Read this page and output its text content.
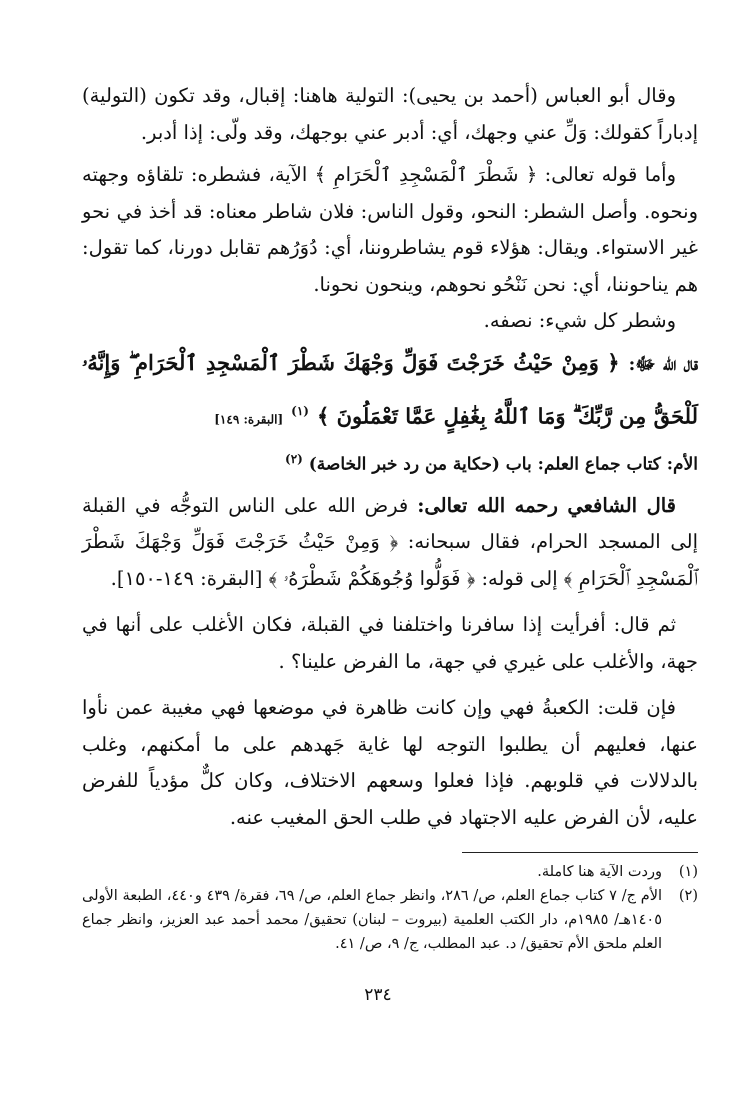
وقال أبو العباس (أحمد بن يحيى): التولية هاهنا: إقبال، وقد تكون (التولية) إدباراً كقولك: وَلِّ عني وجهك، أي: أدبر عني بوجهك، وقد ولّى: إذا أدبر.

وأما قوله تعالى: ﴿ شَطْرَ ٱلْمَسْجِدِ ٱلْحَرَامِ ﴾ الآية، فشطره: تلقاؤه وجهته ونحوه. وأصل الشطر: النحو، وقول الناس: فلان شاطر معناه: قد أخذ في نحو غير الاستواء. ويقال: هؤلاء قوم يشاطروننا، أي: دُوَرُهم تقابل دورنا، كما تقول: هم يناحوننا، أي: نحن نَنْحُو نحوهم، وينحون نحونا.

وشطر كل شيء: نصفه.

قال الله ﷻ: ﴿ وَمِنْ حَيْثُ خَرَجْتَ فَوَلِّ وَجْهَكَ شَطْرَ ٱلْمَسْجِدِ ٱلْحَرَامِ ۖ وَإِنَّهُۥ لَلْحَقُّ مِن رَّبِّكَ ۗ وَمَا ٱللَّهُ بِغَٰفِلٍ عَمَّا تَعْمَلُونَ ﴾ $^{(١)}$ [البقرة: ١٤٩]

الأم: كتاب جماع العلم: باب (حكاية من رد خبر الخاصة) $^{(٢)}$

قال الشافعي رحمه الله تعالى: فرض الله على الناس التوجُّه في القبلة إلى المسجد الحرام، فقال سبحانه: ﴿ وَمِنْ حَيْثُ خَرَجْتَ فَوَلِّ وَجْهَكَ شَطْرَ ٱلْمَسْجِدِ ٱلْحَرَامِ ﴾ إلى قوله: ﴿ فَوَلُّوا وُجُوهَكُمْ شَطْرَهُۥ ﴾ [البقرة: ١٤٩-١٥٠].

ثم قال: أفرأيت إذا سافرنا واختلفنا في القبلة، فكان الأغلب على أنها في جهة، والأغلب على غيري في جهة، ما الفرض علينا؟ .

فإن قلت: الكعبةُ فهي وإن كانت ظاهرة في موضعها فهي مغيبة عمن نأوا عنها، فعليهم أن يطلبوا التوجه لها غاية جَهدهم على ما أمكنهم، وغلب بالدلالات في قلوبهم. فإذا فعلوا وسعهم الاختلاف، وكان كلٌّ مؤدياً للفرض عليه، لأن الفرض عليه الاجتهاد في طلب الحق المغيب عنه.

(١)
وردت الآية هنا كاملة.
(٢)
الأم ج/ ٧ كتاب جماع العلم، ص/ ٢٨٦، وانظر جماع العلم، ص/ ٦٩، فقرة/ ٤٣٩ و٤٤٠، الطبعة الأولى ١٤٠٥هـ/ ١٩٨٥م، دار الكتب العلمية (بيروت – لبنان) تحقيق/ محمد أحمد عبد العزيز، وانظر جماع العلم ملحق الأم تحقيق/ د. عبد المطلب، ج/ ٩، ص/ ٤١.
٢٣٤
